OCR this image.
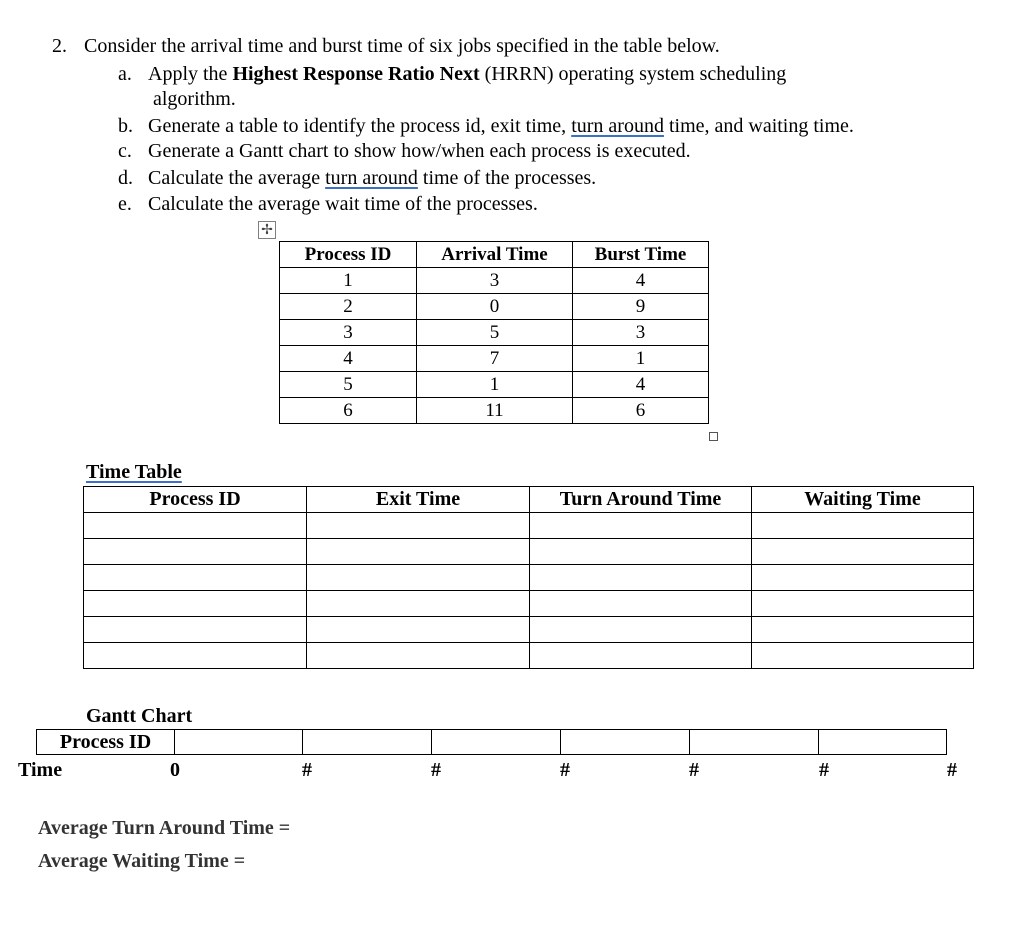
2. Consider the arrival time and burst time of six jobs specified in the table below.
a. Apply the Highest Response Ratio Next (HRRN) operating system scheduling
algorithm.
b. Generate a table to identify the process id, exit time, turn around time, and waiting time.
c. Generate a Gantt chart to show how/when each process is executed.
d. Calculate the average turn around time of the processes.
e. Calculate the average wait time of the processes.
✢
Process ID	Arrival Time	Burst Time
1	3	4
2	0	9
3	5	3
4	7	1
5	1	4
6	11	6
Time Table
Process ID	Exit Time	Turn Around Time	Waiting Time

Gantt Chart
Process ID						
Time	0	#	#	#	#	#	#
Average Turn Around Time =
Average Waiting Time =
